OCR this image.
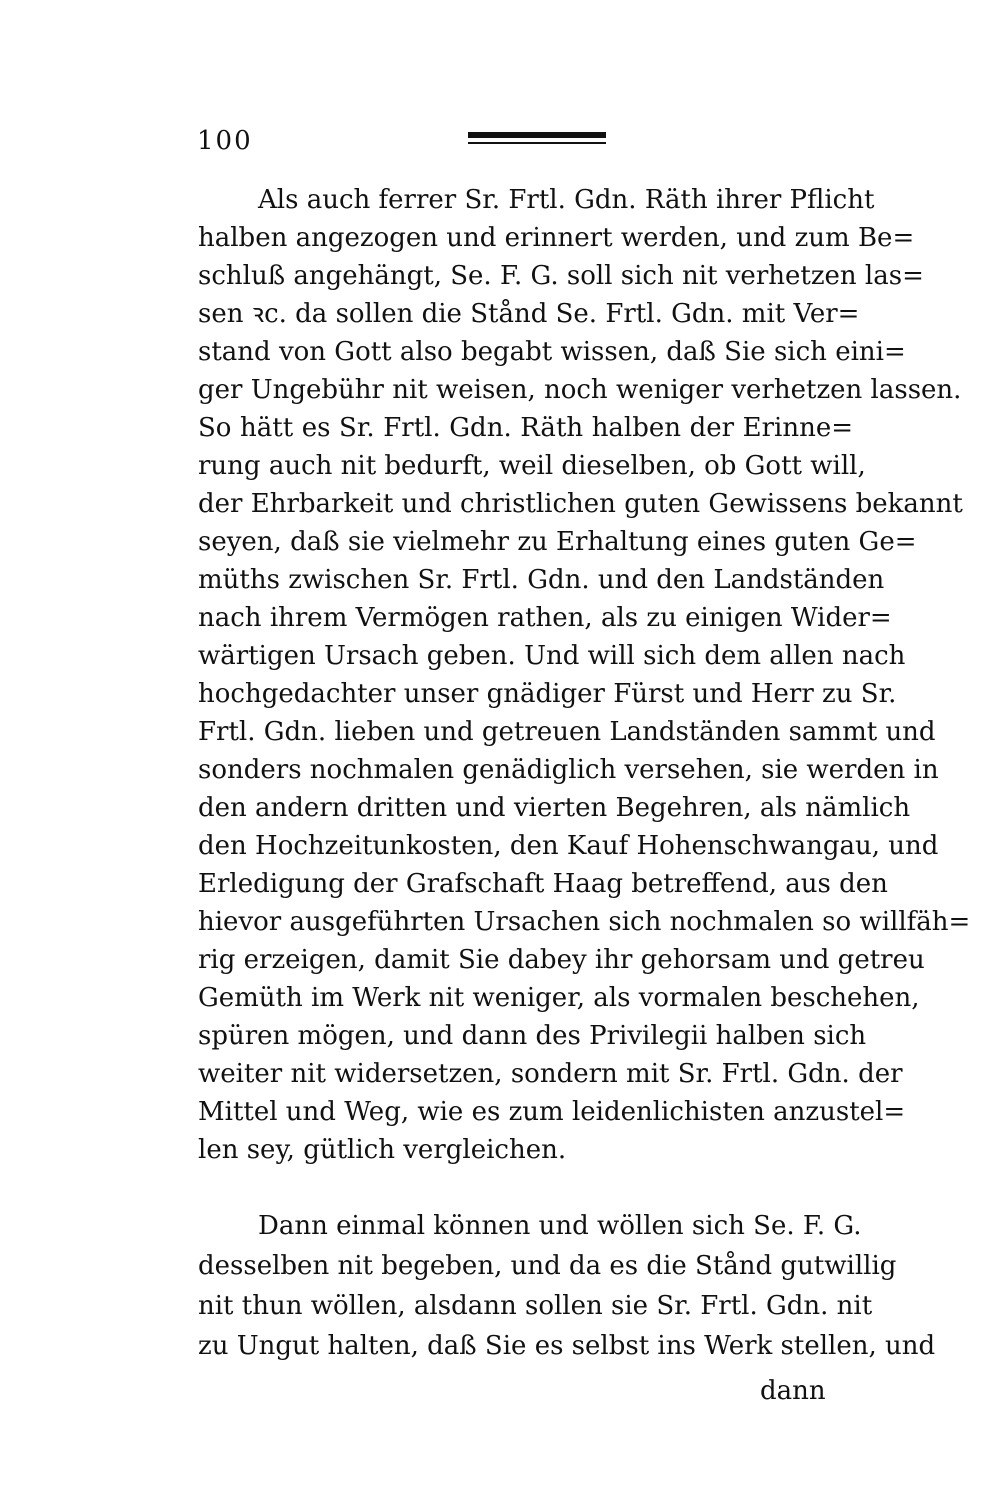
100
Als auch ferrer Sr. Frtl. Gdn. Räth ihrer Pflicht
halben angezogen und erinnert werden, und zum Be=
schluß angehängt, Se. F. G. soll sich nit verhetzen las=
sen ꝛc. da sollen die Stånd Se. Frtl. Gdn. mit Ver=
stand von Gott also begabt wissen, daß Sie sich eini=
ger Ungebühr nit weisen, noch weniger verhetzen lassen.
So hätt es Sr. Frtl. Gdn. Räth halben der Erinne=
rung auch nit bedurft, weil dieselben, ob Gott will,
der Ehrbarkeit und christlichen guten Gewissens bekannt
seyen, daß sie vielmehr zu Erhaltung eines guten Ge=
müths zwischen Sr. Frtl. Gdn. und den Landständen
nach ihrem Vermögen rathen, als zu einigen Wider=
wärtigen Ursach geben. Und will sich dem allen nach
hochgedachter unser gnädiger Fürst und Herr zu Sr.
Frtl. Gdn. lieben und getreuen Landständen sammt und
sonders nochmalen genädiglich versehen, sie werden in
den andern dritten und vierten Begehren, als nämlich
den Hochzeitunkosten, den Kauf Hohenschwangau, und
Erledigung der Grafschaft Haag betreffend, aus den
hievor ausgeführten Ursachen sich nochmalen so willfäh=
rig erzeigen, damit Sie dabey ihr gehorsam und getreu
Gemüth im Werk nit weniger, als vormalen beschehen,
spüren mögen, und dann des Privilegii halben sich
weiter nit widersetzen, sondern mit Sr. Frtl. Gdn. der
Mittel und Weg, wie es zum leidenlichisten anzustel=
len sey, gütlich vergleichen.
Dann einmal können und wöllen sich Se. F. G.
desselben nit begeben, und da es die Stånd gutwillig
nit thun wöllen, alsdann sollen sie Sr. Frtl. Gdn. nit
zu Ungut halten, daß Sie es selbst ins Werk stellen, und
dann
